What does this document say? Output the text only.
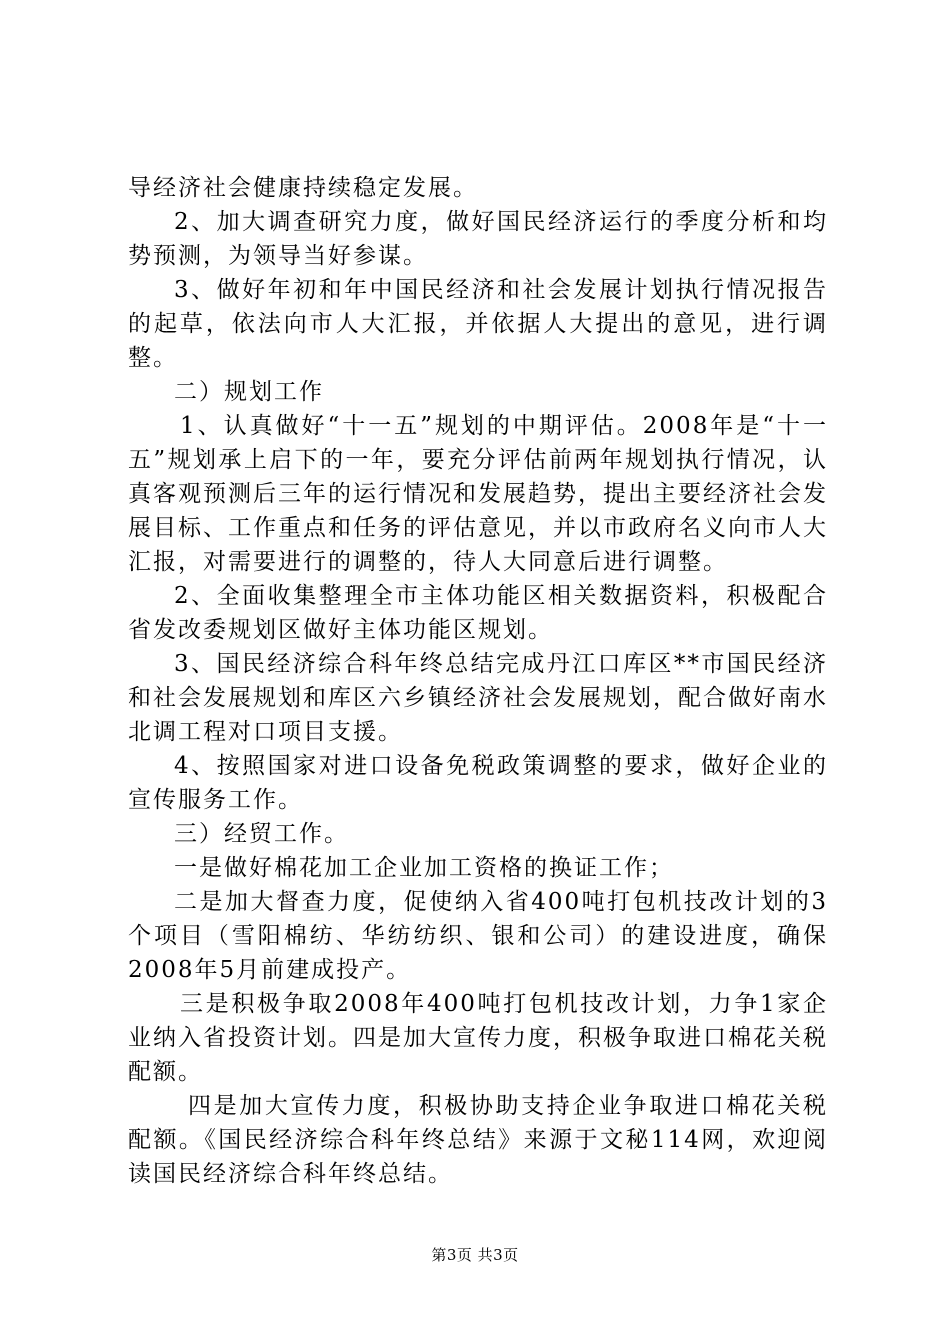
导经济社会健康持续稳定发展。

2、加大调查研究力度，做好国民经济运行的季度分析和均势预测，为领导当好参谋。

3、做好年初和年中国民经济和社会发展计划执行情况报告的起草，依法向市人大汇报，并依据人大提出的意见，进行调整。

二）规划工作

1、认真做好“十一五”规划的中期评估。2008年是“十一五”规划承上启下的一年，要充分评估前两年规划执行情况，认真客观预测后三年的运行情况和发展趋势，提出主要经济社会发展目标、工作重点和任务的评估意见，并以市政府名义向市人大汇报，对需要进行的调整的，待人大同意后进行调整。

2、全面收集整理全市主体功能区相关数据资料，积极配合省发改委规划区做好主体功能区规划。

3、国民经济综合科年终总结完成丹江口库区**市国民经济和社会发展规划和库区六乡镇经济社会发展规划，配合做好南水北调工程对口项目支援。

4、按照国家对进口设备免税政策调整的要求，做好企业的宣传服务工作。

三）经贸工作。

一是做好棉花加工企业加工资格的换证工作；

二是加大督查力度，促使纳入省400吨打包机技改计划的3个项目（雪阳棉纺、华纺纺织、银和公司）的建设进度，确保2008年5月前建成投产。

三是积极争取2008年400吨打包机技改计划，力争1家企业纳入省投资计划。四是加大宣传力度，积极争取进口棉花关税配额。

四是加大宣传力度，积极协助支持企业争取进口棉花关税配额。《国民经济综合科年终总结》来源于文秘114网，欢迎阅读国民经济综合科年终总结。

第3页 共3页
